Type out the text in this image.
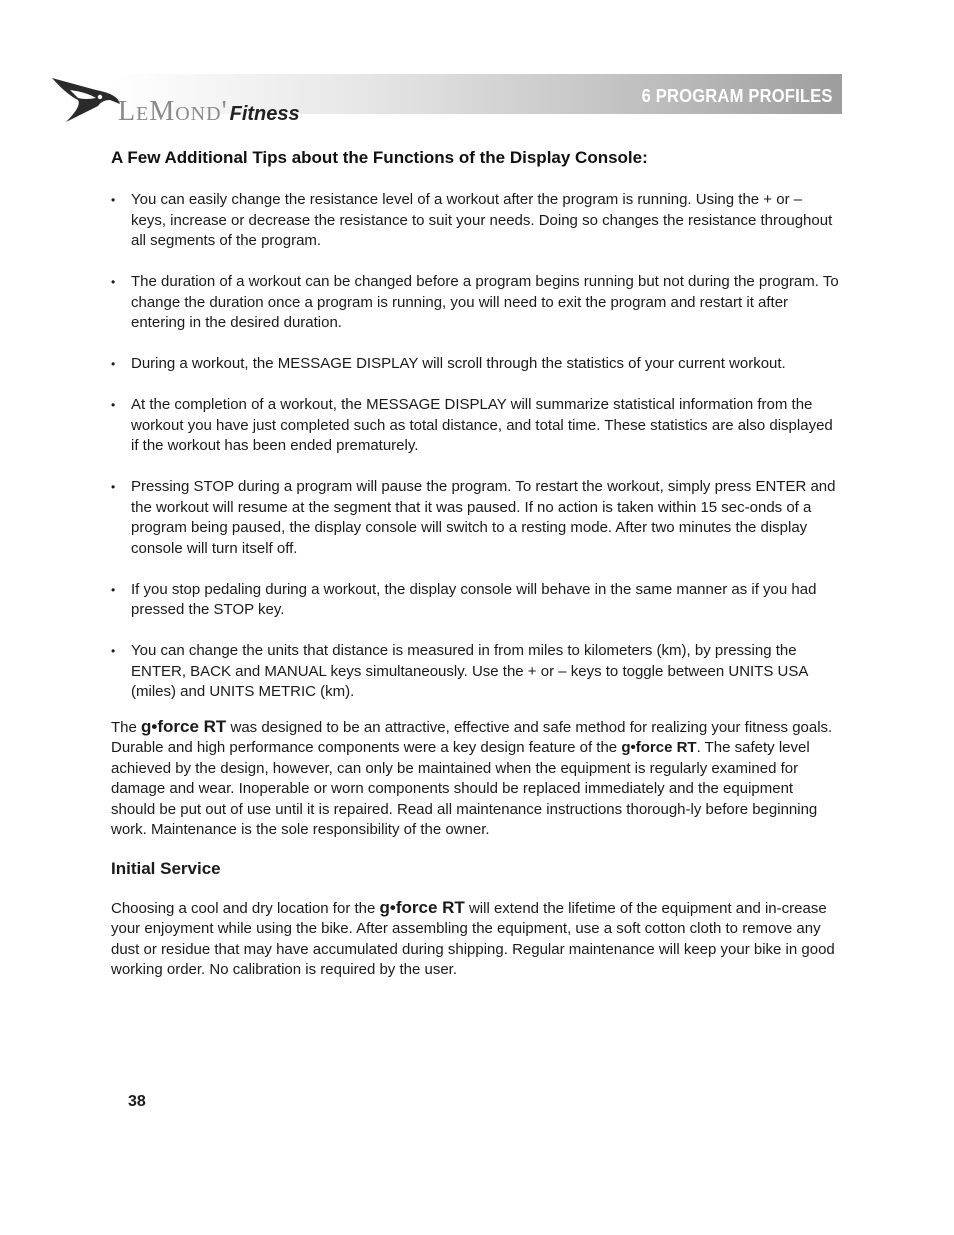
6 PROGRAM PROFILES
LEMOND' Fitness
A Few Additional Tips about the Functions of the Display Console:
• You can easily change the resistance level of a workout after the program is running. Using the + or – keys, increase or decrease the resistance to suit your needs. Doing so changes the resistance throughout all segments of the program.
• The duration of a workout can be changed before a program begins running but not during the program. To change the duration once a program is running, you will need to exit the program and restart it after entering in the desired duration.
• During a workout, the MESSAGE DISPLAY will scroll through the statistics of your current workout.
• At the completion of a workout, the MESSAGE DISPLAY will summarize statistical information from the workout you have just completed such as total distance, and total time. These statistics are also displayed if the workout has been ended prematurely.
• Pressing STOP during a program will pause the program. To restart the workout, simply press ENTER and the workout will resume at the segment that it was paused. If no action is taken within 15 sec-onds of a program being paused, the display console will switch to a resting mode. After two minutes the display console will turn itself off.
• If you stop pedaling during a workout, the display console will behave in the same manner as if you had pressed the STOP key.
• You can change the units that distance is measured in from miles to kilometers (km), by pressing the ENTER, BACK and MANUAL keys simultaneously. Use the + or – keys to toggle between UNITS USA (miles) and UNITS METRIC (km).

The g•force RT was designed to be an attractive, effective and safe method for realizing your fitness goals. Durable and high performance components were a key design feature of the g•force RT. The safety level achieved by the design, however, can only be maintained when the equipment is regularly examined for damage and wear. Inoperable or worn components should be replaced immediately and the equipment should be put out of use until it is repaired. Read all maintenance instructions thorough-ly before beginning work. Maintenance is the sole responsibility of the owner.

Initial Service

Choosing a cool and dry location for the g•force RT will extend the lifetime of the equipment and in-crease your enjoyment while using the bike. After assembling the equipment, use a soft cotton cloth to remove any dust or residue that may have accumulated during shipping. Regular maintenance will keep your bike in good working order. No calibration is required by the user.

38
